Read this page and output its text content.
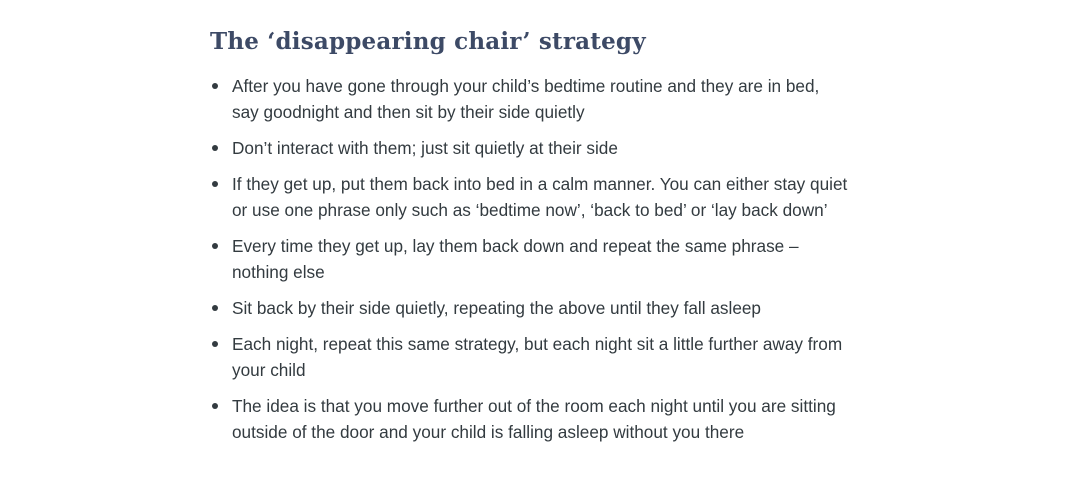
The ‘disappearing chair’ strategy
After you have gone through your child’s bedtime routine and they are in bed, say goodnight and then sit by their side quietly
Don’t interact with them; just sit quietly at their side
If they get up, put them back into bed in a calm manner. You can either stay quiet or use one phrase only such as ‘bedtime now’, ‘back to bed’ or ‘lay back down’
Every time they get up, lay them back down and repeat the same phrase – nothing else
Sit back by their side quietly, repeating the above until they fall asleep
Each night, repeat this same strategy, but each night sit a little further away from your child
The idea is that you move further out of the room each night until you are sitting outside of the door and your child is falling asleep without you there
